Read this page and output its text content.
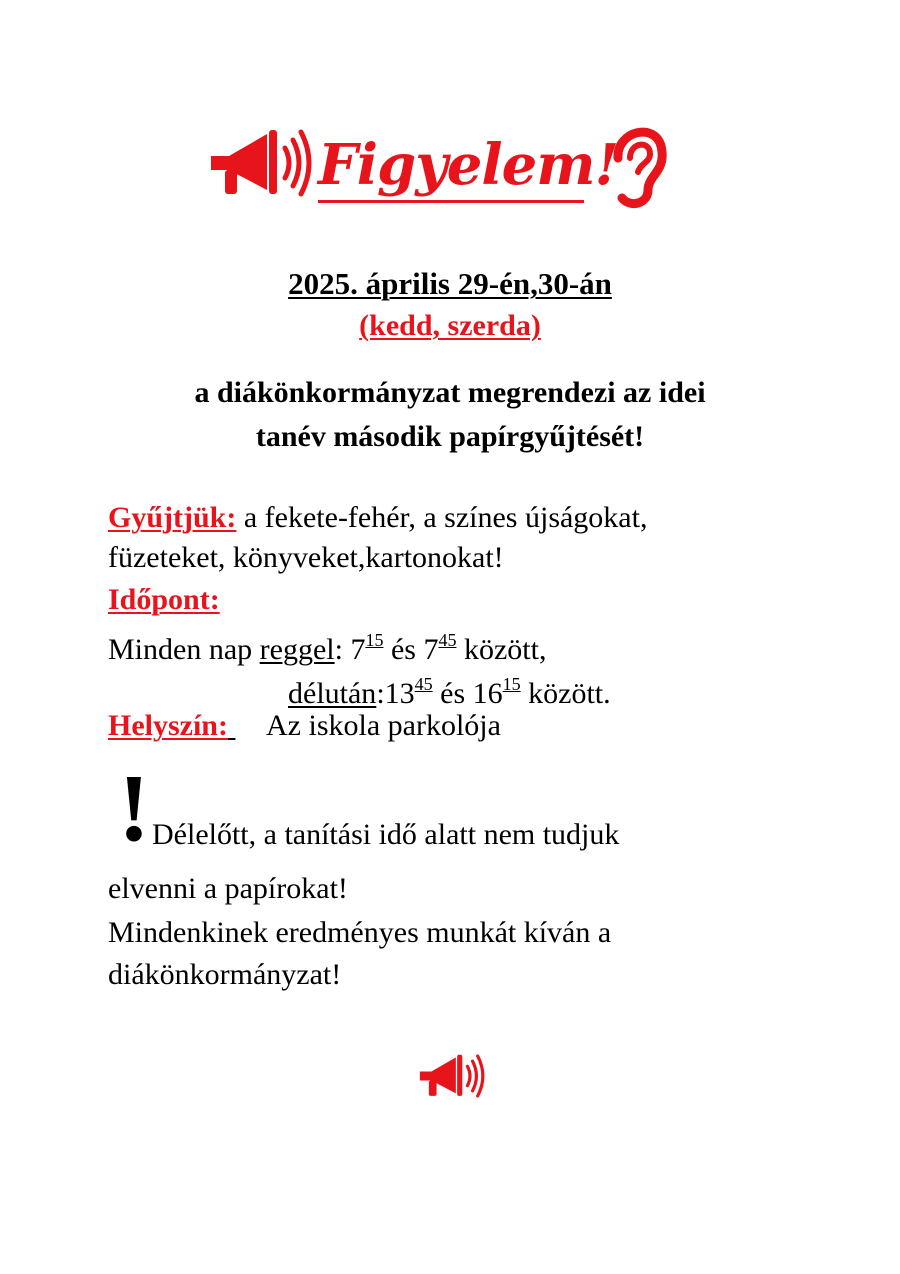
Figyelem!
2025. április 29-én,30-án
(kedd, szerda)
a diákönkormányzat megrendezi az idei
tanév második papírgyűjtését!
Gyűjtjük: a fekete-fehér, a színes újságokat,
füzeteket, könyveket,kartonokat!
Időpont:
Minden nap reggel: $7^{15}$ és $7^{45}$ között,
$délután:13^{45}$ és $16^{15}$ között.
Helyszín: Az iskola parkolója
! Délelőtt, a tanítási idő alatt nem tudjuk
elvenni a papírokat!
Mindenkinek eredményes munkát kíván a
diákönkormányzat!
